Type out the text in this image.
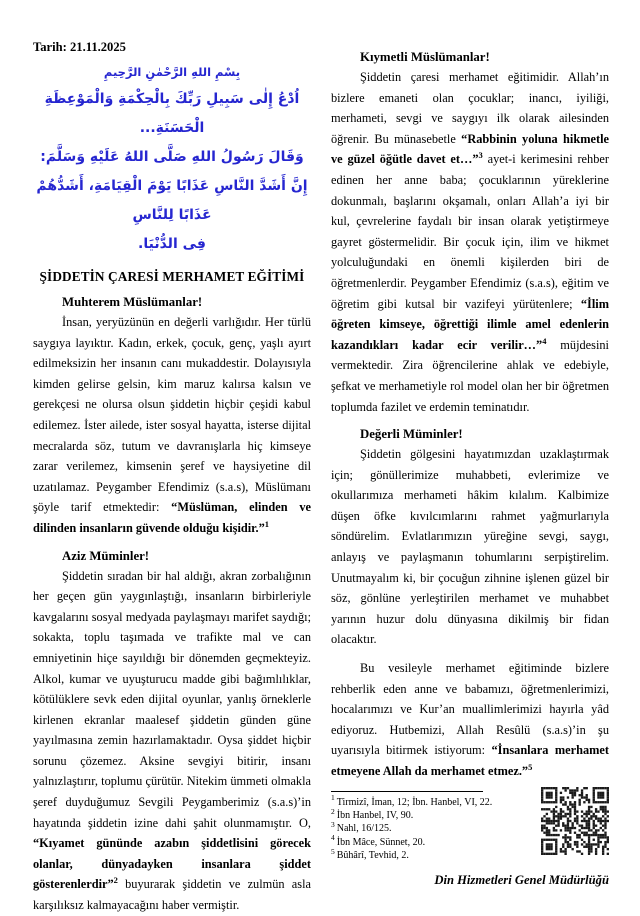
Tarih: 21.11.2025
بِسْمِ اللهِ الرَّحْمٰنِ الرَّحِيمِ
اُدْعُ إِلٰى سَبِيلِ رَبِّكَ بِالْحِكْمَةِ وَالْمَوْعِظَةِ الْحَسَنَةِ...
وَقَالَ رَسُولُ اللهِ صَلَّى اللهُ عَلَيْهِ وَسَلَّمَ:
إِنَّ أَشَدَّ النَّاسِ عَذَابًا يَوْمَ الْقِيَامَةِ، أَشَدُّهُمْ عَذَابًا لِلنَّاسِ
فِى الدُّنْيَا.
ŞİDDETİN ÇARESİ MERHAMET EĞİTİMİ

Muhterem Müslümanlar!

İnsan, yeryüzünün en değerli varlığıdır. Her türlü saygıya layıktır. Kadın, erkek, çocuk, genç, yaşlı ayırt edilmeksizin her insanın canı mukaddestir. Dolayısıyla kimden gelirse gelsin, kim maruz kalırsa kalsın ve gerekçesi ne olursa olsun şiddetin hiçbir çeşidi kabul edilemez. İster ailede, ister sosyal hayatta, isterse dijital mecralarda söz, tutum ve davranışlarla hiç kimseye zarar verilemez, kimsenin şeref ve haysiyetine dil uzatılamaz. Peygamber Efendimiz (s.a.s), Müslümanı şöyle tarif etmektedir: “Müslüman, elinden ve dilinden insanların güvende olduğu kişidir.”$^1$

Aziz Müminler!

Şiddetin sıradan bir hal aldığı, akran zorbalığının her geçen gün yaygınlaştığı, insanların birbirleriyle kavgalarını sosyal medyada paylaşmayı marifet saydığı; sokakta, toplu taşımada ve trafikte mal ve can emniyetinin hiçe sayıldığı bir dönemden geçmekteyiz. Alkol, kumar ve uyuşturucu madde gibi bağımlılıklar, kötülüklere sevk eden dijital oyunlar, yanlış örneklerle kirlenen ekranlar maalesef şiddetin günden güne yayılmasına zemin hazırlamaktadır. Oysa şiddet hiçbir sorunu çözemez. Aksine sevgiyi bitirir, insanı yalnızlaştırır, toplumu çürütür. Nitekim ümmeti olmakla şeref duyduğumuz Sevgili Peygamberimiz (s.a.s)’in hayatında şiddetin izine dahi şahit olunmamıştır. O, “Kıyamet gününde azabın şiddetlisini görecek olanlar, dünyadayken insanlara şiddet gösterenlerdir”$^2$ buyurarak şiddetin ve zulmün asla karşılıksız kalmayacağını haber vermiştir.

Kıymetli Müslümanlar!

Şiddetin çaresi merhamet eğitimidir. Allah’ın bizlere emaneti olan çocuklar; inancı, iyiliği, merhameti, sevgi ve saygıyı ilk olarak ailesinden öğrenir. Bu münasebetle “Rabbinin yoluna hikmetle ve güzel öğütle davet et…”$^3$ ayet-i kerimesini rehber edinen her anne baba; çocuklarının yüreklerine dokunmalı, başlarını okşamalı, onları Allah’a iyi bir kul, çevrelerine faydalı bir insan olarak yetiştirmeye gayret göstermelidir. Bir çocuk için, ilim ve hikmet yolculuğundaki en önemli kişilerden biri de öğretmenlerdir. Peygamber Efendimiz (s.a.s), eğitim ve öğretim gibi kutsal bir vazifeyi yürütenlere; “İlim öğreten kimseye, öğrettiği ilimle amel edenlerin kazandıkları kadar ecir verilir…”$^4$ müjdesini vermektedir. Zira öğrencilerine ahlak ve edebiyle, şefkat ve merhametiyle rol model olan her bir öğretmen toplumda fazilet ve erdemin teminatıdır.

Değerli Müminler!

Şiddetin gölgesini hayatımızdan uzaklaştırmak için; gönüllerimize muhabbeti, evlerimize ve okullarımıza merhameti hâkim kılalım. Kalbimize düşen öfke kıvılcımlarını rahmet yağmurlarıyla söndürelim. Evlatlarımızın yüreğine sevgi, saygı, anlayış ve paylaşmanın tohumlarını serpiştirelim. Unutmayalım ki, bir çocuğun zihnine işlenen güzel bir söz, gönlüne yerleştirilen merhamet ve muhabbet yarının huzur dolu dünyasına dikilmiş bir fidan olacaktır.

Bu vesileyle merhamet eğitiminde bizlere rehberlik eden anne ve babamızı, öğretmenlerimizi, hocalarımızı ve Kur’an muallimlerimizi hayırla yâd ediyoruz. Hutbemizi, Allah Resûlü (s.a.s)’in şu uyarısıyla bitirmek istiyorum: “İnsanlara merhamet etmeyene Allah da merhamet etmez.”$^5$

$^1$ Tirmizî, İman, 12; İbn. Hanbel, VI, 22.
$^2$ İbn Hanbel, IV, 90.
$^3$ Nahl, 16/125.
$^4$ İbn Mâce, Sünnet, 20.
$^5$ Bûhârî, Tevhid, 2.
Din Hizmetleri Genel Müdürlüğü
